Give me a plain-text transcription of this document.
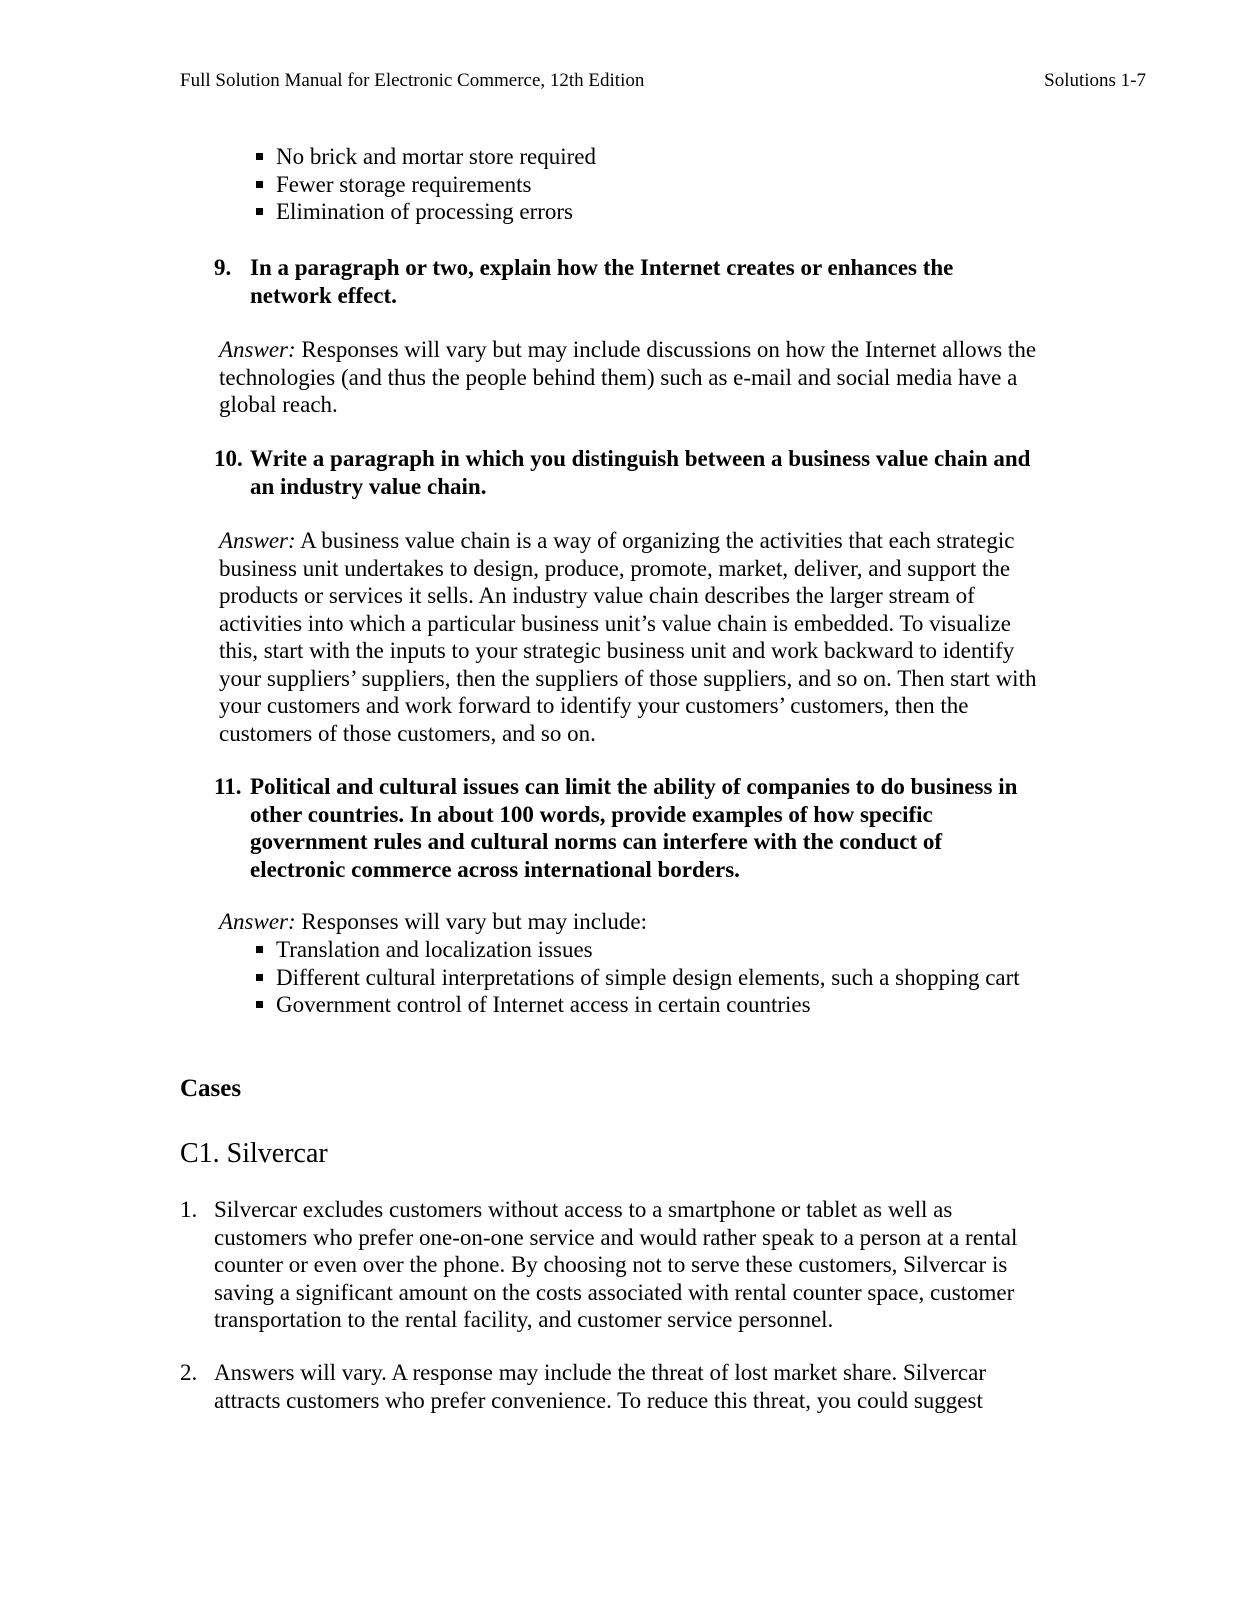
Full Solution Manual for Electronic Commerce, 12th Edition	Solutions 1-7
No brick and mortar store required
Fewer storage requirements
Elimination of processing errors
9. In a paragraph or two, explain how the Internet creates or enhances the network effect.
Answer: Responses will vary but may include discussions on how the Internet allows the technologies (and thus the people behind them) such as e-mail and social media have a global reach.
10. Write a paragraph in which you distinguish between a business value chain and an industry value chain.
Answer: A business value chain is a way of organizing the activities that each strategic business unit undertakes to design, produce, promote, market, deliver, and support the products or services it sells. An industry value chain describes the larger stream of activities into which a particular business unit’s value chain is embedded. To visualize this, start with the inputs to your strategic business unit and work backward to identify your suppliers’ suppliers, then the suppliers of those suppliers, and so on. Then start with your customers and work forward to identify your customers’ customers, then the customers of those customers, and so on.
11. Political and cultural issues can limit the ability of companies to do business in other countries. In about 100 words, provide examples of how specific government rules and cultural norms can interfere with the conduct of electronic commerce across international borders.
Answer: Responses will vary but may include:
Translation and localization issues
Different cultural interpretations of simple design elements, such a shopping cart
Government control of Internet access in certain countries
Cases
C1. Silvercar
1. Silvercar excludes customers without access to a smartphone or tablet as well as customers who prefer one-on-one service and would rather speak to a person at a rental counter or even over the phone. By choosing not to serve these customers, Silvercar is saving a significant amount on the costs associated with rental counter space, customer transportation to the rental facility, and customer service personnel.
2. Answers will vary. A response may include the threat of lost market share. Silvercar attracts customers who prefer convenience. To reduce this threat, you could suggest
